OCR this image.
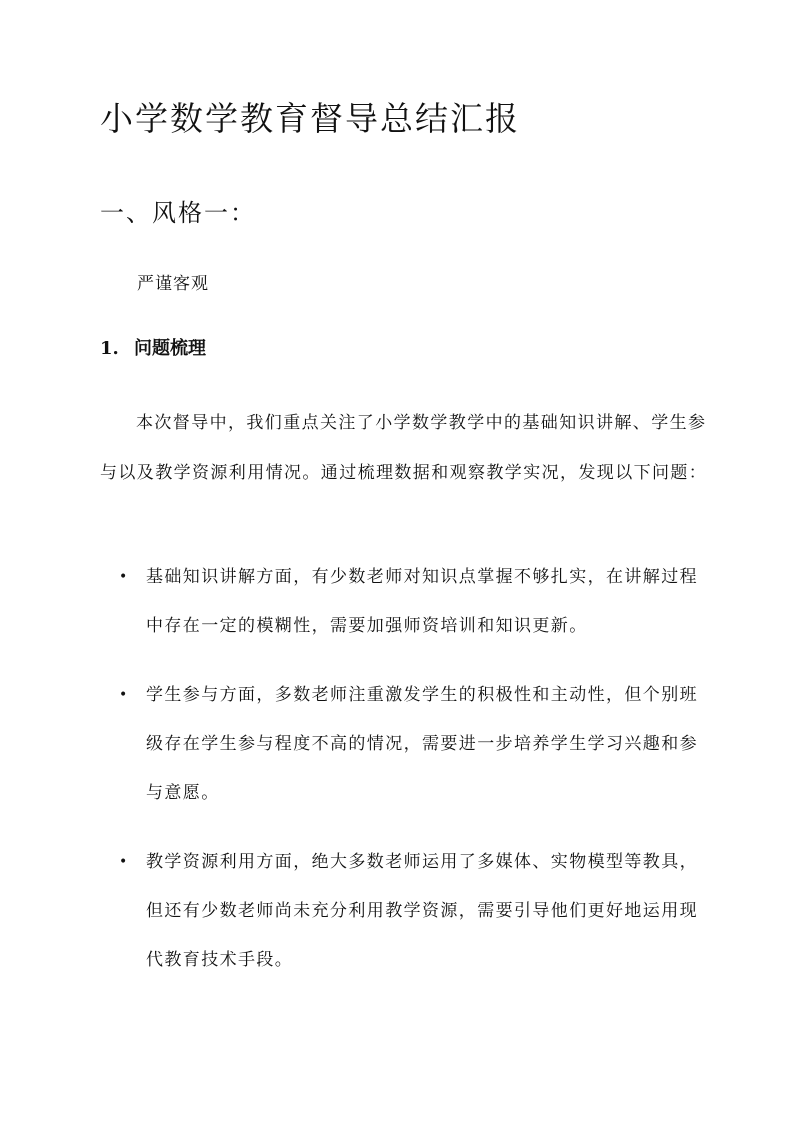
小学数学教育督导总结汇报
一、风格一：

严谨客观

1. 问题梳理

本次督导中，我们重点关注了小学数学教学中的基础知识讲解、学生参与以及教学资源利用情况。通过梳理数据和观察教学实况，发现以下问题：

• 基础知识讲解方面，有少数老师对知识点掌握不够扎实，在讲解过程中存在一定的模糊性，需要加强师资培训和知识更新。
• 学生参与方面，多数老师注重激发学生的积极性和主动性，但个别班级存在学生参与程度不高的情况，需要进一步培养学生学习兴趣和参与意愿。
• 教学资源利用方面，绝大多数老师运用了多媒体、实物模型等教具，但还有少数老师尚未充分利用教学资源，需要引导他们更好地运用现代教育技术手段。
